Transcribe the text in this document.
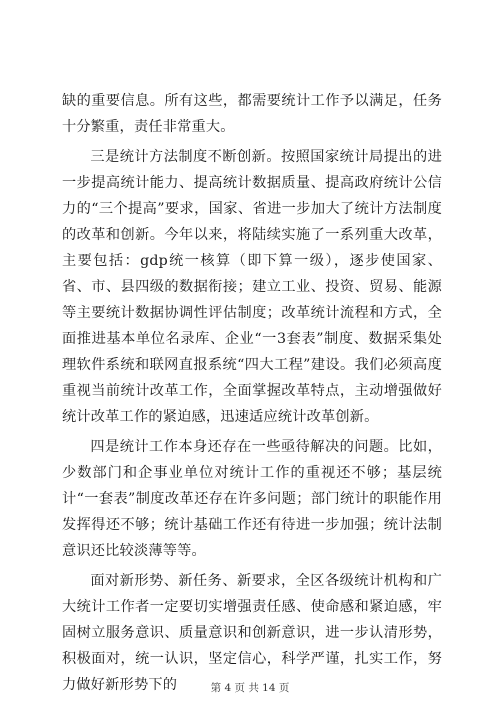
缺的重要信息。所有这些，都需要统计工作予以满足，任务十分繁重，责任非常重大。

三是统计方法制度不断创新。按照国家统计局提出的进一步提高统计能力、提高统计数据质量、提高政府统计公信力的“三个提高”要求，国家、省进一步加大了统计方法制度的改革和创新。今年以来，将陆续实施了一系列重大改革，主要包括：gdp统一核算（即下算一级），逐步使国家、省、市、县四级的数据衔接；建立工业、投资、贸易、能源等主要统计数据协调性评估制度；改革统计流程和方式，全面推进基本单位名录库、企业“一3套表”制度、数据采集处理软件系统和联网直报系统“四大工程”建设。我们必须高度重视当前统计改革工作，全面掌握改革特点，主动增强做好统计改革工作的紧迫感，迅速适应统计改革创新。

四是统计工作本身还存在一些亟待解决的问题。比如，少数部门和企事业单位对统计工作的重视还不够；基层统计“一套表”制度改革还存在许多问题；部门统计的职能作用发挥得还不够；统计基础工作还有待进一步加强；统计法制意识还比较淡薄等等。

面对新形势、新任务、新要求，全区各级统计机构和广大统计工作者一定要切实增强责任感、使命感和紧迫感，牢固树立服务意识、质量意识和创新意识，进一步认清形势，积极面对，统一认识，坚定信心，科学严谨，扎实工作，努力做好新形势下的	第 4 页 共 14 页
